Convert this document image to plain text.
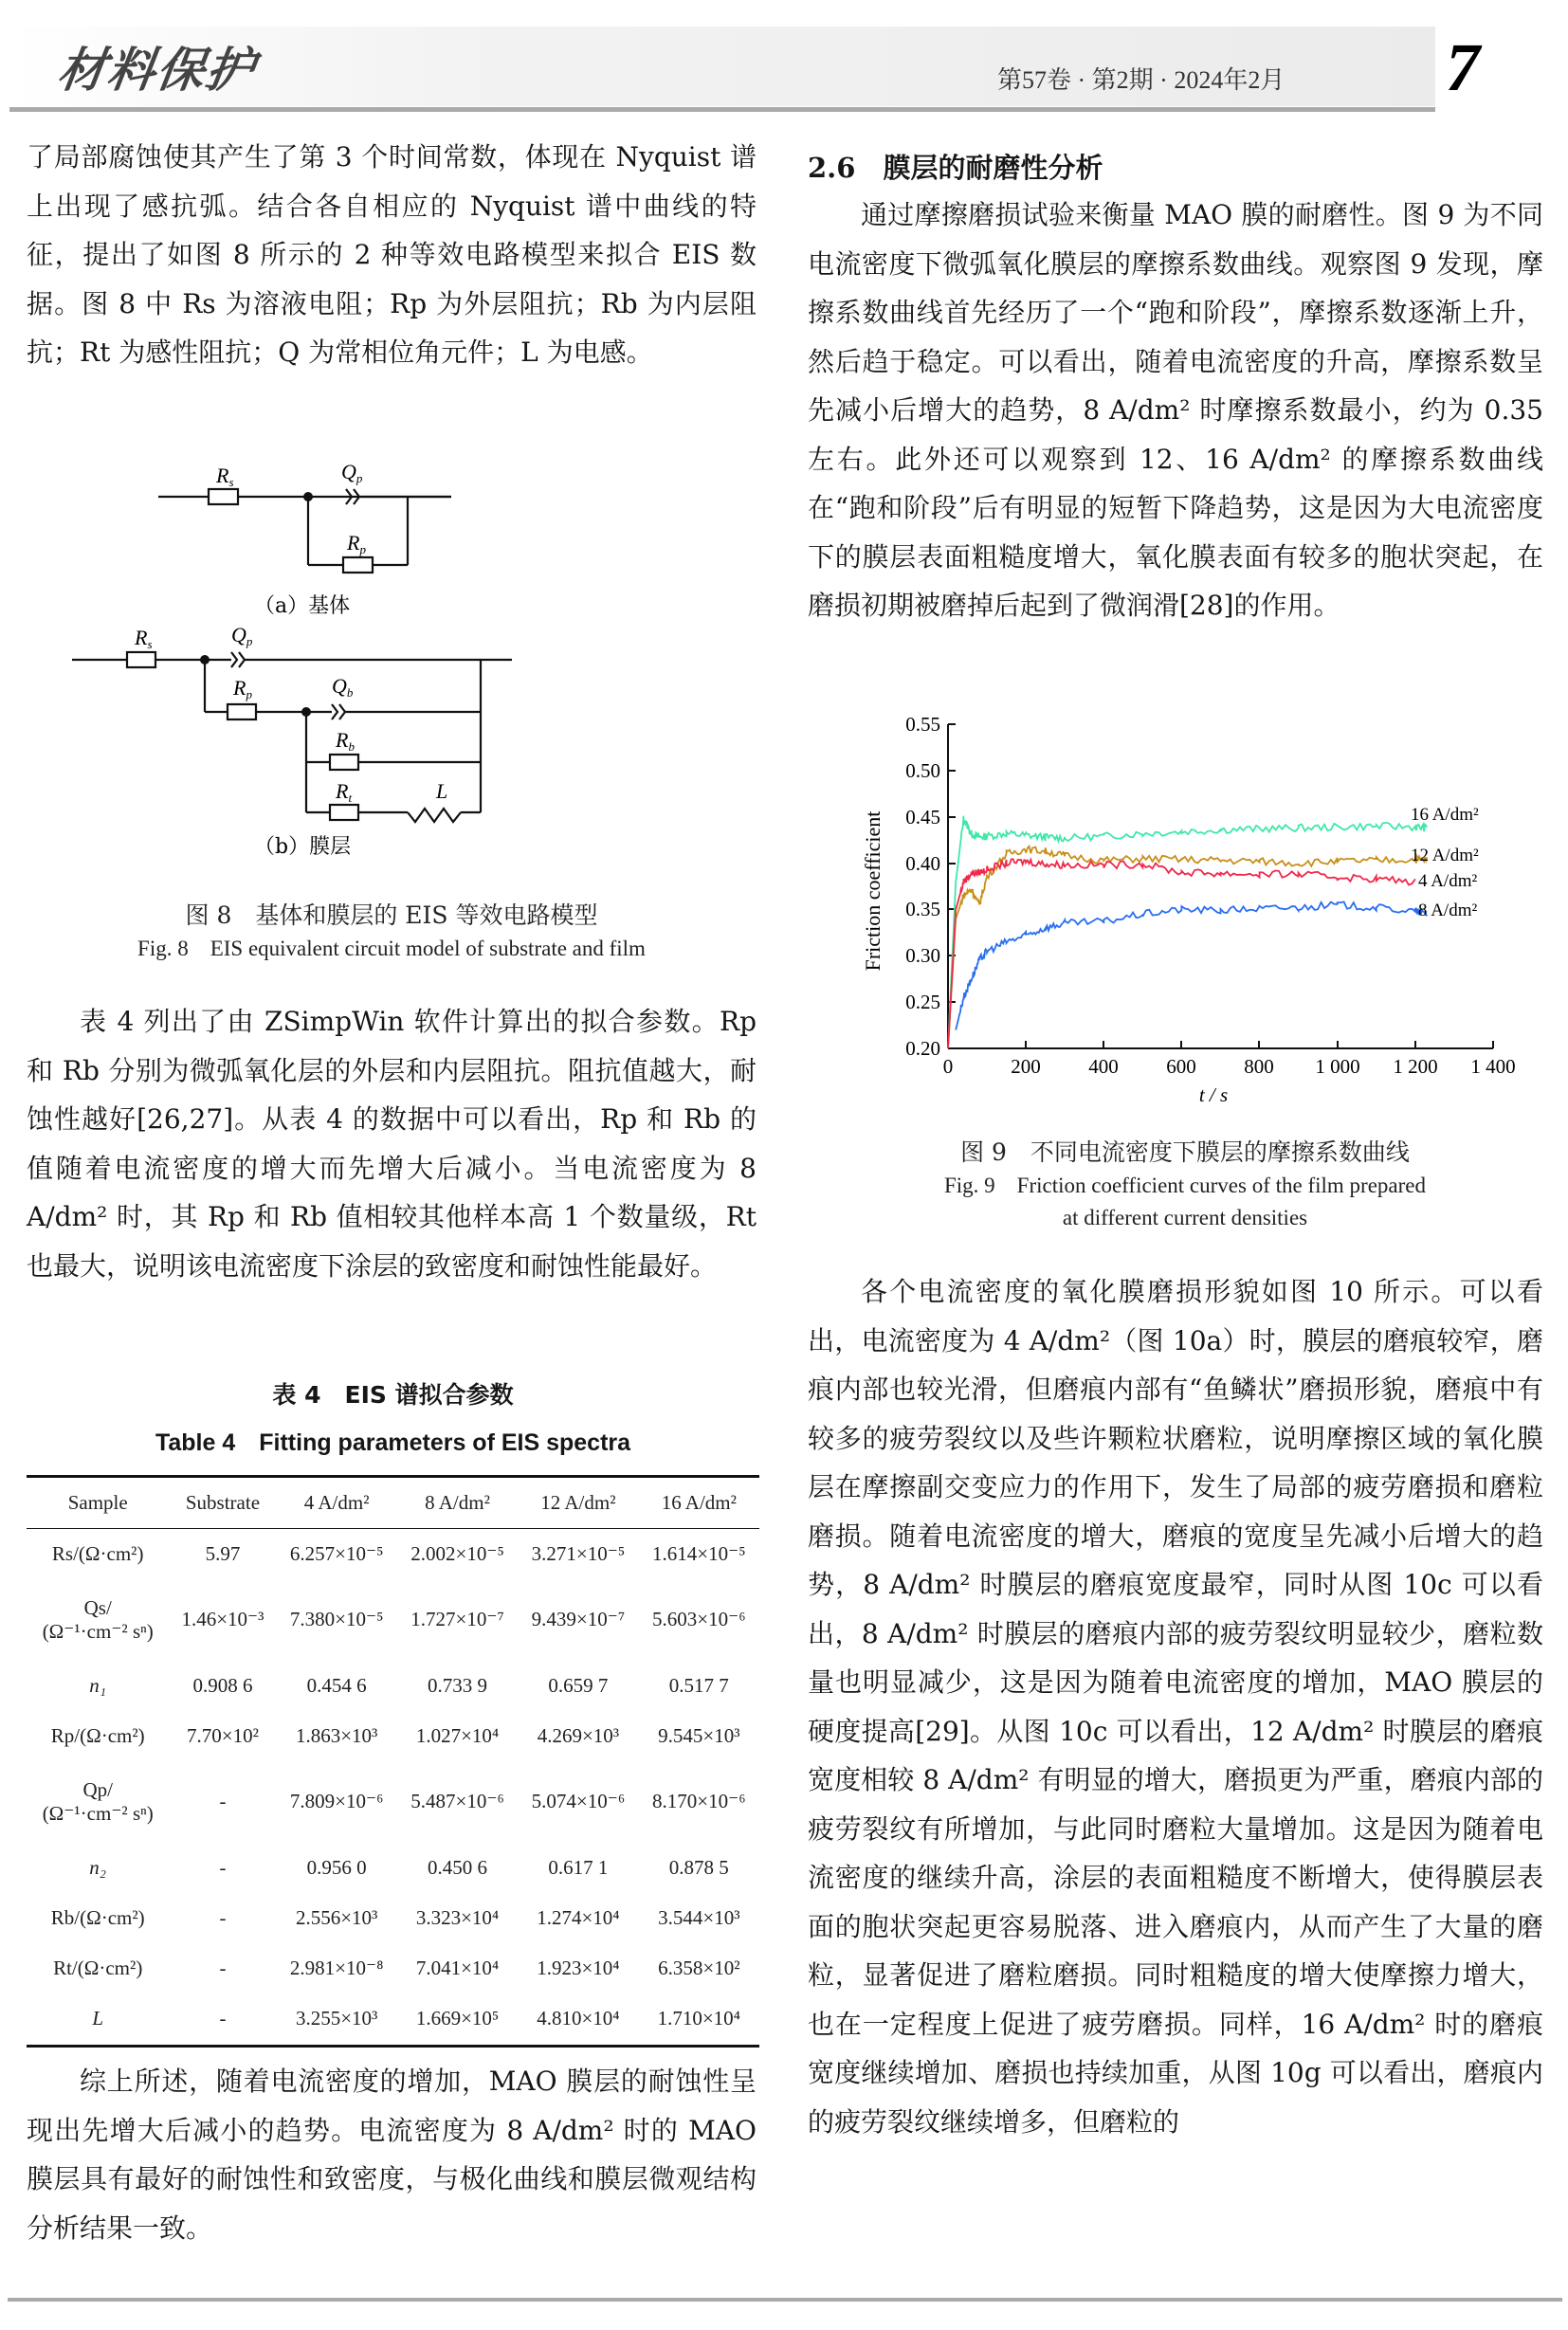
材料保护	第57卷 · 第2期 · 2024年2月 7

了局部腐蚀使其产生了第 3 个时间常数，体现在 Nyquist 谱上出现了感抗弧。结合各自相应的 Nyquist 谱中曲线的特征，提出了如图 8 所示的 2 种等效电路模型来拟合 EIS 数据。图 8 中 Rs 为溶液电阻；Rp 为外层阻抗；Rb 为内层阻抗；Rt 为感性阻抗；Q 为常相位角元件；L 为电感。

Rs	Qp
Rp
Rs	Qp
Rp	Qb
Rb
Rt	L
（a）基体
（b）膜层
图 8　基体和膜层的 EIS 等效电路模型
Fig. 8　EIS equivalent circuit model of substrate and film

表 4 列出了由 ZSimpWin 软件计算出的拟合参数。Rp 和 Rb 分别为微弧氧化层的外层和内层阻抗。阻抗值越大，耐蚀性越好[26,27]。从表 4 的数据中可以看出，Rp 和 Rb 的值随着电流密度的增大而先增大后减小。当电流密度为 8 A/dm² 时，其 Rp 和 Rb 值相较其他样本高 1 个数量级，Rt 也最大，说明该电流密度下涂层的致密度和耐蚀性能最好。

表 4　EIS 谱拟合参数
Table 4　Fitting parameters of EIS spectra
Sample	Substrate	4 A/dm²	8 A/dm²	12 A/dm²	16 A/dm²
Rs/(Ω·cm²)	5.97	6.257×10⁻⁵	2.002×10⁻⁵	3.271×10⁻⁵	1.614×10⁻⁵

Qs/
(Ω⁻¹·cm⁻² sⁿ)	1.46×10⁻³	7.380×10⁻⁵	1.727×10⁻⁷	9.439×10⁻⁷	5.603×10⁻⁶
n₁	0.908 6	0.454 6	0.733 9	0.659 7	0.517 7
Rp/(Ω·cm²)	7.70×10²	1.863×10³	1.027×10⁴	4.269×10³	9.545×10³

Qp/
(Ω⁻¹·cm⁻² sⁿ)	-	7.809×10⁻⁶	5.487×10⁻⁶	5.074×10⁻⁶	8.170×10⁻⁶
n₂	-	0.956 0	0.450 6	0.617 1	0.878 5
Rb/(Ω·cm²)	-	2.556×10³	3.323×10⁴	1.274×10⁴	3.544×10³
Rt/(Ω·cm²)	-	2.981×10⁻⁸	7.041×10⁴	1.923×10⁴	6.358×10²
L	-	3.255×10³	1.669×10⁵	4.810×10⁴	1.710×10⁴

综上所述，随着电流密度的增加，MAO 膜层的耐蚀性呈现出先增大后减小的趋势。电流密度为 8 A/dm² 时的 MAO 膜层具有最好的耐蚀性和致密度，与极化曲线和膜层微观结构分析结果一致。

2.6　膜层的耐磨性分析

通过摩擦磨损试验来衡量 MAO 膜的耐磨性。图 9 为不同电流密度下微弧氧化膜层的摩擦系数曲线。观察图 9 发现，摩擦系数曲线首先经历了一个“跑和阶段”，摩擦系数逐渐上升，然后趋于稳定。可以看出，随着电流密度的升高，摩擦系数呈先减小后增大的趋势，8 A/dm² 时摩擦系数最小，约为 0.35 左右。此外还可以观察到 12、16 A/dm² 的摩擦系数曲线在“跑和阶段”后有明显的短暂下降趋势，这是因为大电流密度下的膜层表面粗糙度增大，氧化膜表面有较多的胞状突起，在磨损初期被磨掉后起到了微润滑[28]的作用。

0.20
0.25
0.30
0.35
0.40
0.45
0.50
0.55
0	200 400 600 800 1 000 1 200 1 400
t / s
Friction coefficient	16 A/dm²
12 A/dm²
4 A/dm²
8 A/dm²
图 9　不同电流密度下膜层的摩擦系数曲线
Fig. 9　Friction coefficient curves of the film prepared
at different current densities

各个电流密度的氧化膜磨损形貌如图 10 所示。可以看出，电流密度为 4 A/dm²（图 10a）时，膜层的磨痕较窄，磨痕内部也较光滑，但磨痕内部有“鱼鳞状”磨损形貌，磨痕中有较多的疲劳裂纹以及些许颗粒状磨粒，说明摩擦区域的氧化膜层在摩擦副交变应力的作用下，发生了局部的疲劳磨损和磨粒磨损。随着电流密度的增大，磨痕的宽度呈先减小后增大的趋势，8 A/dm² 时膜层的磨痕宽度最窄，同时从图 10c 可以看出，8 A/dm² 时膜层的磨痕内部的疲劳裂纹明显较少，磨粒数量也明显减少，这是因为随着电流密度的增加，MAO 膜层的硬度提高[29]。从图 10c 可以看出，12 A/dm² 时膜层的磨痕宽度相较 8 A/dm² 有明显的增大，磨损更为严重，磨痕内部的疲劳裂纹有所增加，与此同时磨粒大量增加。这是因为随着电流密度的继续升高，涂层的表面粗糙度不断增大，使得膜层表面的胞状突起更容易脱落、进入磨痕内，从而产生了大量的磨粒，显著促进了磨粒磨损。同时粗糙度的增大使摩擦力增大，也在一定程度上促进了疲劳磨损。同样，16 A/dm² 时的磨痕宽度继续增加、磨损也持续加重，从图 10g 可以看出，磨痕内的疲劳裂纹继续增多，但磨粒的
